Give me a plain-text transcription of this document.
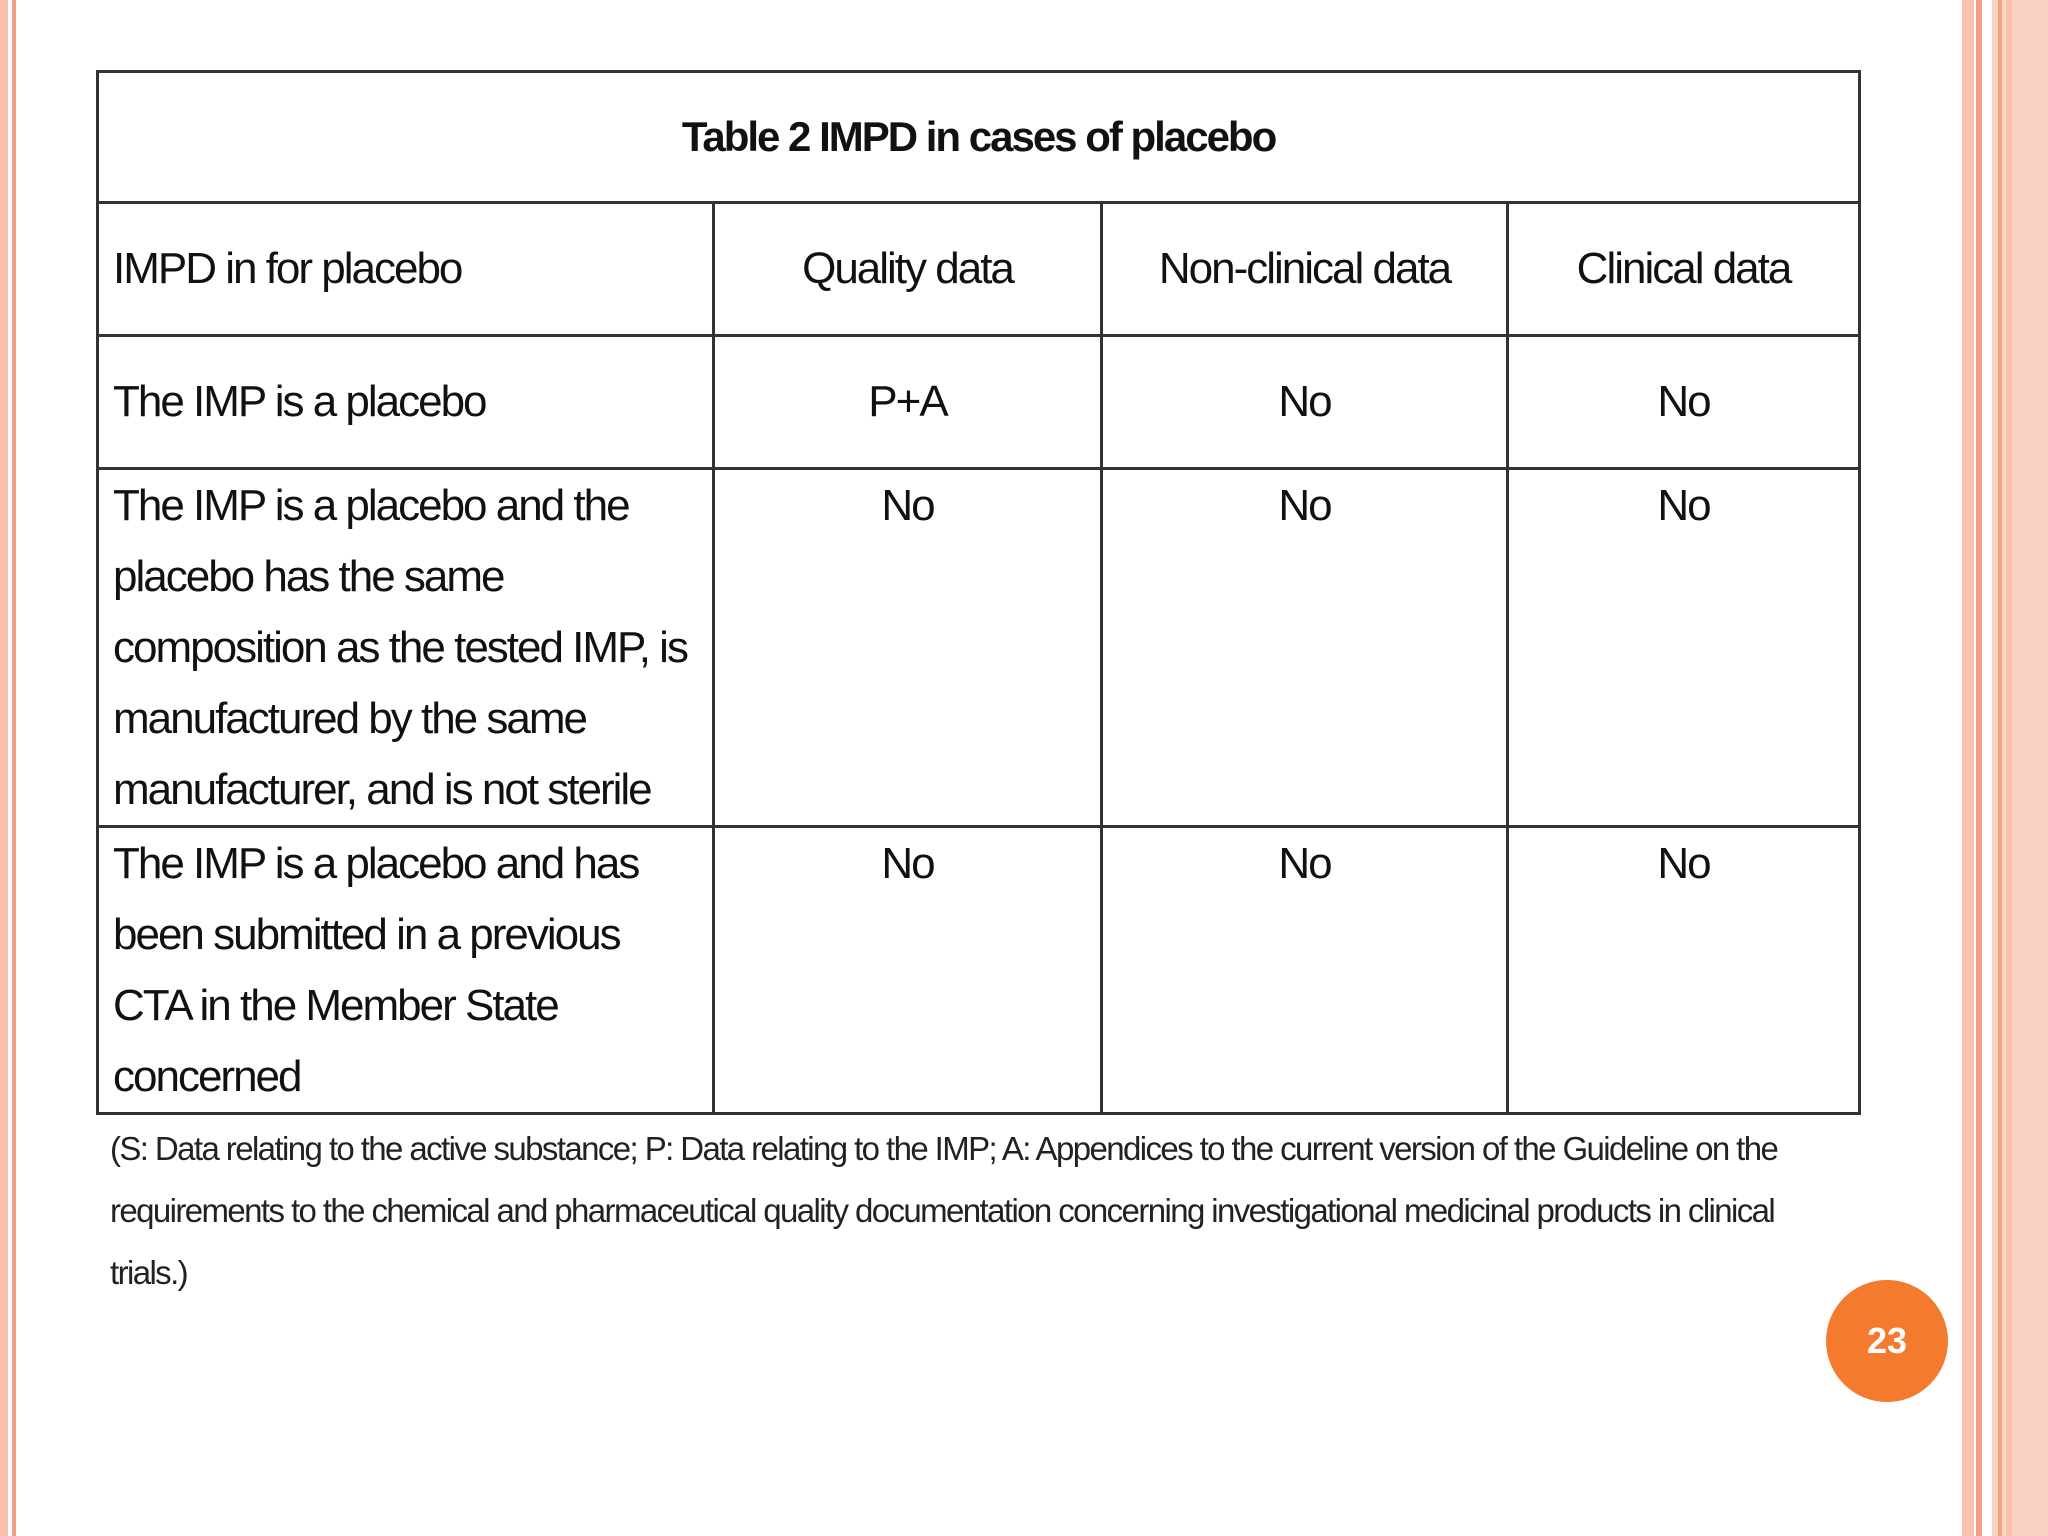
Table 2 IMPD in cases of placebo			
IMPD in for placebo	Quality data	Non-clinical data	Clinical data
The IMP is a placebo	P+A	No	No
The IMP is a placebo and the placebo has the same composition as the tested IMP, is manufactured by the same manufacturer, and is not sterile	No	No	No
The IMP is a placebo and has been submitted in a previous CTA in the Member State concerned	No	No	No
(S: Data relating to the active substance; P: Data relating to the IMP; A: Appendices to the current version of the Guideline on the requirements to the chemical and pharmaceutical quality documentation concerning investigational medicinal products in clinical trials.)
23
